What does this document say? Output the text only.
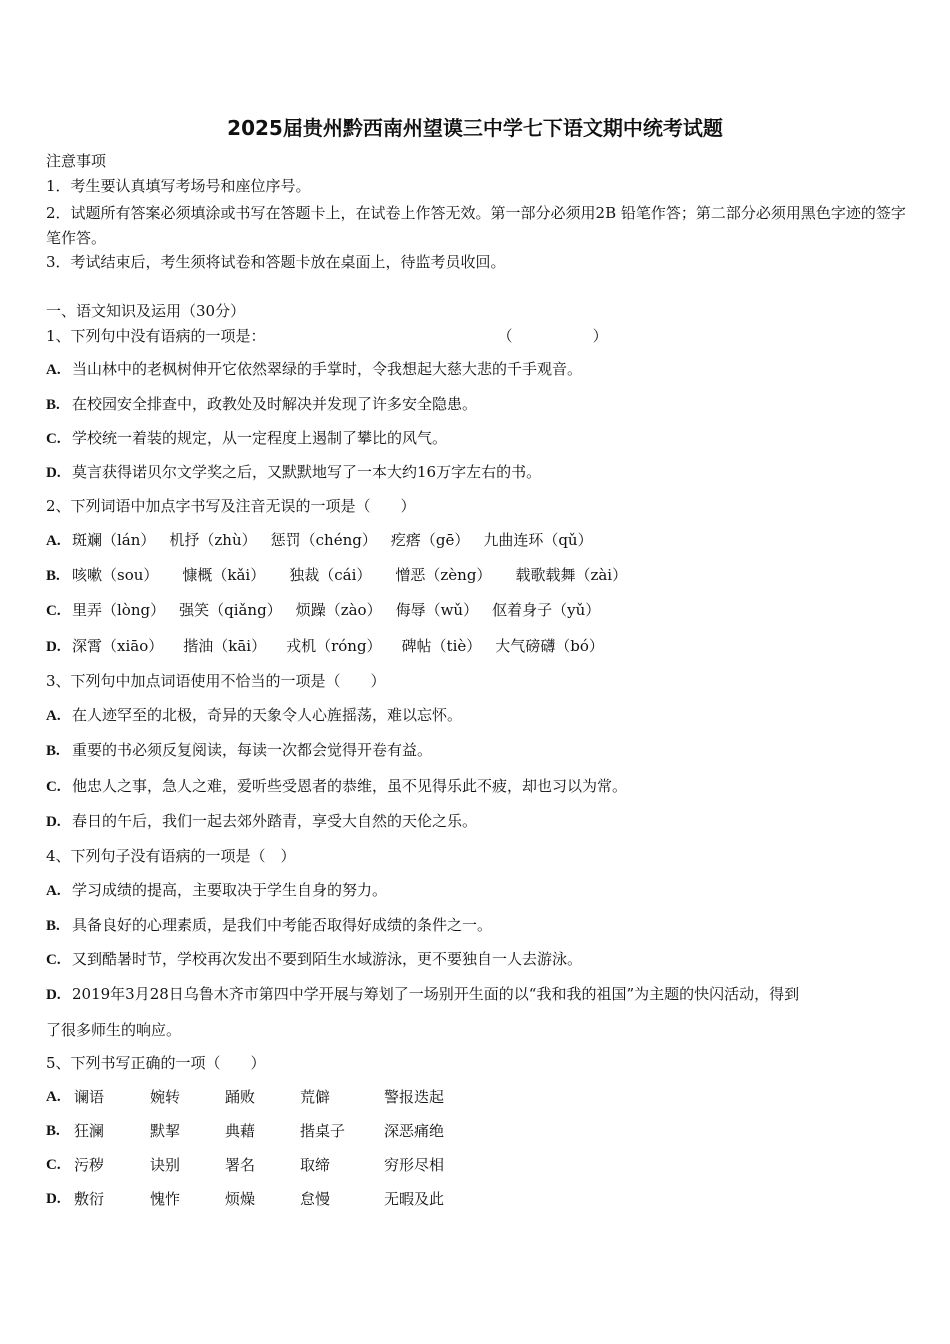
2025届贵州黔西南州望谟三中学七下语文期中统考试题
注意事项
1．考生要认真填写考场号和座位序号。
2．试题所有答案必须填涂或书写在答题卡上，在试卷上作答无效。第一部分必须用2B 铅笔作答；第二部分必须用黑色字迹的签字笔作答。
3．考试结束后，考生须将试卷和答题卡放在桌面上，待监考员收回。
一、语文知识及运用（30分）
1、下列句中没有语病的一项是：	（	）
A. 当山林中的老枫树伸开它依然翠绿的手掌时，令我想起大慈大悲的千手观音。
B. 在校园安全排查中，政教处及时解决并发现了许多安全隐患。
C. 学校统一着装的规定，从一定程度上遏制了攀比的风气。
D. 莫言获得诺贝尔文学奖之后，又默默地写了一本大约16万字左右的书。
2、下列词语中加点字书写及注音无误的一项是（　　）
A. 斑斓（lán） 机抒（zhù） 惩罚（chéng） 疙瘩（gē） 九曲连环（qǔ）
B. 咳嗽（sou） 慷概（kǎi） 独裁（cái） 憎恶（zèng） 载歌载舞（zài）
C. 里弄（lòng） 强笑（qiǎng） 烦躁（zào） 侮辱（wǔ） 伛着身子（yǔ）
D. 深霄（xiāo） 揩油（kāi） 戎机（róng） 碑帖（tiè） 大气磅礴（bó）
3、下列句中加点词语使用不恰当的一项是（　　）
A. 在人迹罕至的北极，奇异的天象令人心旌摇荡，难以忘怀。
B. 重要的书必须反复阅读，每读一次都会觉得开卷有益。
C. 他忠人之事，急人之难，爱听些受恩者的恭维，虽不见得乐此不疲，却也习以为常。
D. 春日的午后，我们一起去郊外踏青，享受大自然的天伦之乐。
4、下列句子没有语病的一项是（　）
A. 学习成绩的提高，主要取决于学生自身的努力。
B. 具备良好的心理素质，是我们中考能否取得好成绩的条件之一。
C. 又到酷暑时节，学校再次发出不要到陌生水域游泳，更不要独自一人去游泳。
D. 2019年3月28日乌鲁木齐市第四中学开展与筹划了一场别开生面的以“我和我的祖国”为主题的快闪活动，得到
了很多师生的响应。
5、下列书写正确的一项（　　）
A. 谰语	婉转	踊败	荒僻	警报迭起
B. 狂澜	默挈	典藉	揩桌子	深恶痛绝
C. 污秽	诀别	署名	取缔	穷形尽相
D. 敷衍	愧怍	烦燥	怠慢	无暇及此
